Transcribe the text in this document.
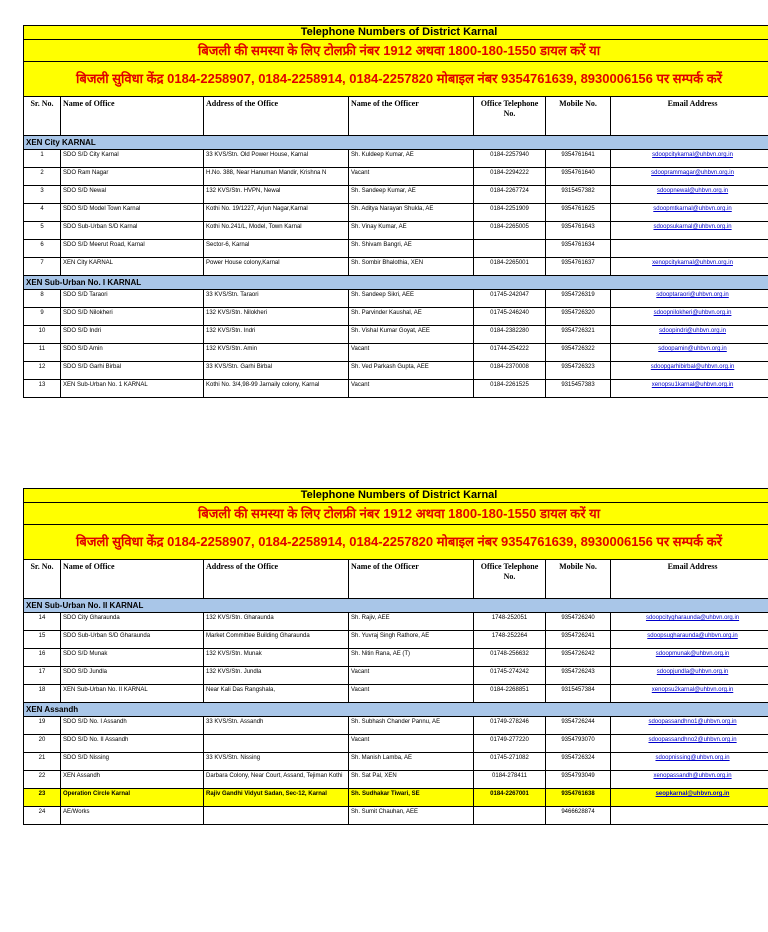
Telephone Numbers of District Karnal						
बिजली की समस्या के लिए टोलफ्री नंबर 1912 अथवा 1800-180-1550 डायल करें या						
बिजली सुविधा केंद्र 0184-2258907, 0184-2258914, 0184-2257820 मोबाइल नंबर 9354761639, 8930006156 पर सम्पर्क करें						
Sr. No.	Name of Office	Address of the Office	Name of the Officer	Office Telephone No.	Mobile No.	Email Address
XEN City KARNAL						
1	SDO S/D City Karnal	33 KVS/Stn. Old Power House, Karnal	Sh. Kuldeep Kumar, AE	0184-2257940	9354761641	sdoopcitykarnal@uhbvn.org.in
2	SDO Ram Nagar	H.No. 388, Near Hanuman Mandir, Krishna N	Vacant	0184-2294222	9354761640	sdooprammagar@uhbvn.org.in
3	SDO S/D Newal	132 KVS/Stn. HVPN, Newal	Sh. Sandeep Kumar, AE	0184-2267724	9315457382	sdoopnewal@uhbvn.org.in
4	SDO S/D Model Town Karnal	Kothi No. 19/1227, Arjun Nagar,Karnal	Sh. Aditya Narayan Shukla, AE	0184-2251909	9354761625	sdoopmtkarnal@uhbvn.org.in
5	SDO Sub-Urban S/D Karnal	Kothi No.241/L, Model, Town Karnal	Sh. Vinay Kumar, AE	0184-2265005	9354761643	sdoopsukarnal@uhbvn.org.in
6	SDO S/D Meerut Road, Karnal	Sector-6, Karnal	Sh. Shivam Bangri, AE		9354761634	
7	XEN City KARNAL	Power House colony,Karnal	Sh. Sombir Bhalothia, XEN	0184-2265001	9354761637	xenopcitykarnal@uhbvn.org.in
XEN Sub-Urban No. I KARNAL						
8	SDO S/D Taraori	33 KVS/Stn. Taraori	Sh. Sandeep Sikri, AEE	01745-242047	9354726319	sdooptaraori@uhbvn.org.in
9	SDO S/D Nilokheri	132 KVS/Stn. Nilokheri	Sh. Parvinder Kaushal, AE	01745-246240	9354726320	sdoopnilokheri@uhbvn.org.in
10	SDO S/D Indri	132 KVS/Stn. Indri	Sh. Vishal Kumar Goyat, AEE	0184-2382280	9354726321	sdoopindri@uhbvn.org.in
11	SDO S/D Amin	132 KVS/Stn. Amin	Vacant	01744-254222	9354726322	sdoopamin@uhbvn.org.in
12	SDO S/D Garhi Birbal	33 KVS/Stn. Garhi Birbal	Sh. Ved Parkash Gupta, AEE	0184-2370008	9354726323	sdoopgarhibirbal@uhbvn.org.in
13	XEN Sub-Urban No. 1 KARNAL	Kothi No. 3/4,98-99 Jarnaily colony, Karnal	Vacant	0184-2261525	9315457383	xenopsu1karnal@uhbvn.org.in
Telephone Numbers of District Karnal						
बिजली की समस्या के लिए टोलफ्री नंबर 1912 अथवा 1800-180-1550 डायल करें या						
बिजली सुविधा केंद्र 0184-2258907, 0184-2258914, 0184-2257820 मोबाइल नंबर 9354761639, 8930006156 पर सम्पर्क करें						
Sr. No.	Name of Office	Address of the Office	Name of the Officer	Office Telephone No.	Mobile No.	Email Address
XEN Sub-Urban No. II KARNAL						
14	SDO City Gharaunda	132 KVS/Stn. Gharaunda	Sh. Rajiv, AEE	1748-252051	9354726240	sdoopcitygharaunda@uhbvn.org.in
15	SDO Sub-Urban S/D Gharaunda	Market Committee Building Gharaunda	Sh. Yuvraj Singh Rathore, AE	1748-252264	9354726241	sdoopsugharaunda@uhbvn.org.in
16	SDO S/D Munak	132 KVS/Stn. Munak	Sh. Nitin Rana, AE (T)	01748-256632	9354726242	sdoopmunak@uhbvn.org.in
17	SDO S/D Jundla	132 KVS/Stn. Jundla	Vacant	01745-274242	9354726243	sdoopjundla@uhbvn.org.in
18	XEN Sub-Urban No. II KARNAL	Near Kali Das Rangshala,	Vacant	0184-2268851	9315457384	xenopsu2karnal@uhbvn.org.in
XEN Assandh						
19	SDO S/D No. I Assandh	33 KVS/Stn. Assandh	Sh. Subhash Chander Pannu, AE	01749-278246	9354726244	sdoopassandhno1@uhbvn.org.in
20	SDO S/D No. II Assandh		Vacant	01749-277220	9354793070	sdoopassandhno2@uhbvn.org.in
21	SDO S/D Nissing	33 KVS/Stn. Nissing	Sh. Manish Lamba, AE	01745-271082	9354726324	sdoopnissing@uhbvn.org.in
22	XEN Assandh	Darbara Colony, Near Court, Assand, Tejiman Kothi	Sh. Sat Pal, XEN	0184-278411	9354793049	xenopassandh@uhbvn.org.in
23	Operation Circle Karnal	Rajiv Gandhi Vidyut Sadan, Sec-12, Karnal	Sh. Sudhakar Tiwari, SE	0184-2267001	9354761638	seopkarnal@uhbvn.org.in
24	AE/Works		Sh. Sumit Chauhan, AEE		9466628874	
